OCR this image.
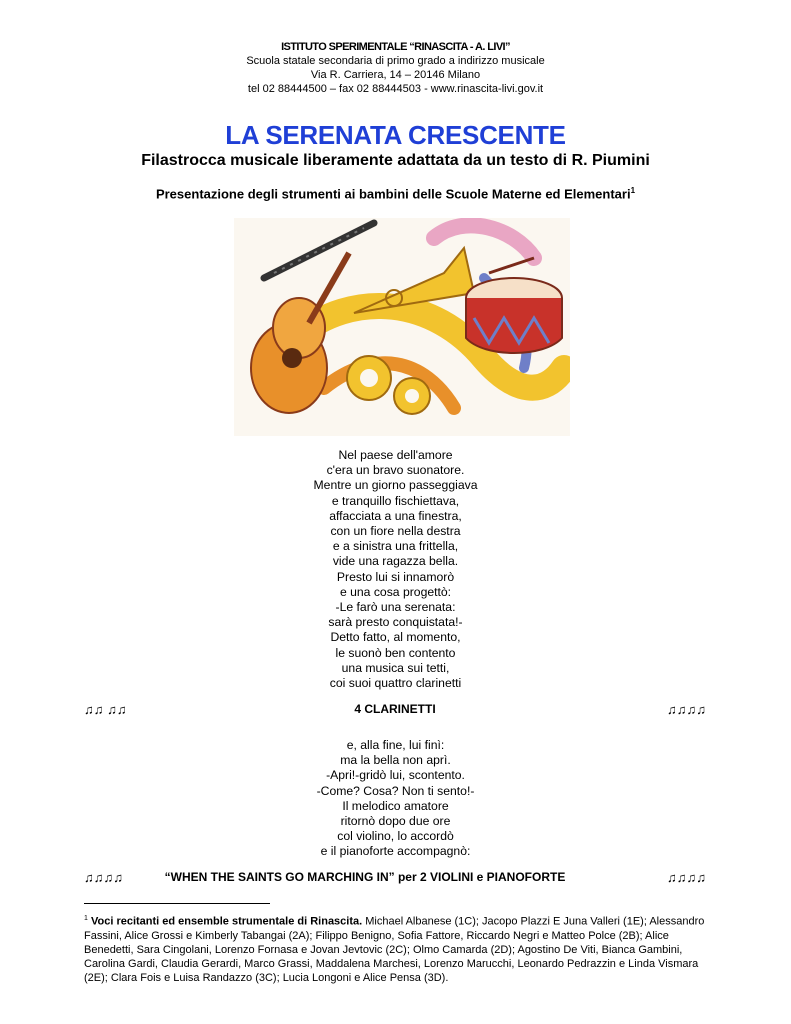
ISTITUTO SPERIMENTALE “RINASCITA - A. LIVI”
Scuola statale secondaria di primo grado a indirizzo musicale
Via R. Carriera, 14 – 20146 Milano
tel 02 88444500 – fax 02 88444503 - www.rinascita-livi.gov.it
LA SERENATA CRESCENTE
Filastrocca musicale liberamente adattata da un testo di R. Piumini
Presentazione degli strumenti ai bambini delle Scuole Materne ed Elementari$^1$
Nel paese dell'amore
c'era un bravo suonatore.
Mentre un giorno passeggiava
e tranquillo fischiettava,
affacciata a una finestra,
con un fiore nella destra
e a sinistra una frittella,
vide una ragazza bella.
Presto lui si innamorò
e una cosa progettò:
-Le farò una serenata:
sarà presto conquistata!-
Detto fatto, al momento,
le suonò ben contento
una musica sui tetti,
coi suoi quattro clarinetti
♫♫ ♫♫	4 CLARINETTI	♫♫♫♫
e, alla fine, lui finì:
ma la bella non aprì.
-Apri!-gridò lui, scontento.
-Come? Cosa? Non ti sento!-
Il melodico amatore
ritornò dopo due ore
col violino, lo accordò
e il pianoforte accompagnò:
♫♫♫♫	“WHEN THE SAINTS GO MARCHING IN” per 2 VIOLINI e PIANOFORTE	♫♫♫♫
$^1$ Voci recitanti ed ensemble strumentale di Rinascita. Michael Albanese (1C); Jacopo Plazzi E Juna Valleri (1E); Alessandro Fassini, Alice Grossi e Kimberly Tabangai (2A); Filippo Benigno, Sofia Fattore, Riccardo Negri e Matteo Polce (2B); Alice Benedetti, Sara Cingolani, Lorenzo Fornasa e Jovan Jevtovic (2C); Olmo Camarda (2D); Agostino De Viti, Bianca Gambini, Carolina Gardi, Claudia Gerardi, Marco Grassi, Maddalena Marchesi, Lorenzo Marucchi, Leonardo Pedrazzin e Linda Vismara (2E); Clara Fois e Luisa Randazzo (3C); Lucia Longoni e Alice Pensa (3D).
